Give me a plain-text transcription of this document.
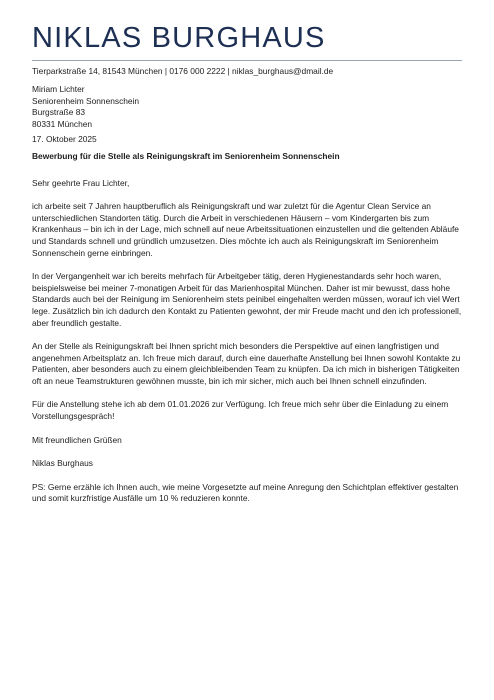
NIKLAS BURGHAUS
Tierparkstraße 14, 81543 München | 0176 000 2222 | niklas_burghaus@dmail.de
Miriam Lichter
Seniorenheim Sonnenschein
Burgstraße 83
80331 München
17. Oktober 2025
Bewerbung für die Stelle als Reinigungskraft im Seniorenheim Sonnenschein
Sehr geehrte Frau Lichter,

ich arbeite seit 7 Jahren hauptberuflich als Reinigungskraft und war zuletzt für die Agentur Clean Service an unterschiedlichen Standorten tätig. Durch die Arbeit in verschiedenen Häusern – vom Kindergarten bis zum Krankenhaus – bin ich in der Lage, mich schnell auf neue Arbeitssituationen einzustellen und die geltenden Abläufe und Standards schnell und gründlich umzusetzen. Dies möchte ich auch als Reinigungskraft im Seniorenheim Sonnenschein gerne einbringen.

In der Vergangenheit war ich bereits mehrfach für Arbeitgeber tätig, deren Hygienestandards sehr hoch waren, beispielsweise bei meiner 7-monatigen Arbeit für das Marienhospital München. Daher ist mir bewusst, dass hohe Standards auch bei der Reinigung im Seniorenheim stets peinibel eingehalten werden müssen, worauf ich viel Wert lege. Zusätzlich bin ich dadurch den Kontakt zu Patienten gewohnt, der mir Freude macht und den ich professionell, aber freundlich gestalte.

An der Stelle als Reinigungskraft bei Ihnen spricht mich besonders die Perspektive auf einen langfristigen und angenehmen Arbeitsplatz an. Ich freue mich darauf, durch eine dauerhafte Anstellung bei Ihnen sowohl Kontakte zu Patienten, aber besonders auch zu einem gleichbleibenden Team zu knüpfen. Da ich mich in bisherigen Tätigkeiten oft an neue Teamstrukturen gewöhnen musste, bin ich mir sicher, mich auch bei Ihnen schnell einzufinden.

Für die Anstellung stehe ich ab dem 01.01.2026 zur Verfügung. Ich freue mich sehr über die Einladung zu einem Vorstellungsgespräch!

Mit freundlichen Grüßen
Niklas Burghaus

PS: Gerne erzähle ich Ihnen auch, wie meine Vorgesetzte auf meine Anregung den Schichtplan effektiver gestalten und somit kurzfristige Ausfälle um 10 % reduzieren konnte.
